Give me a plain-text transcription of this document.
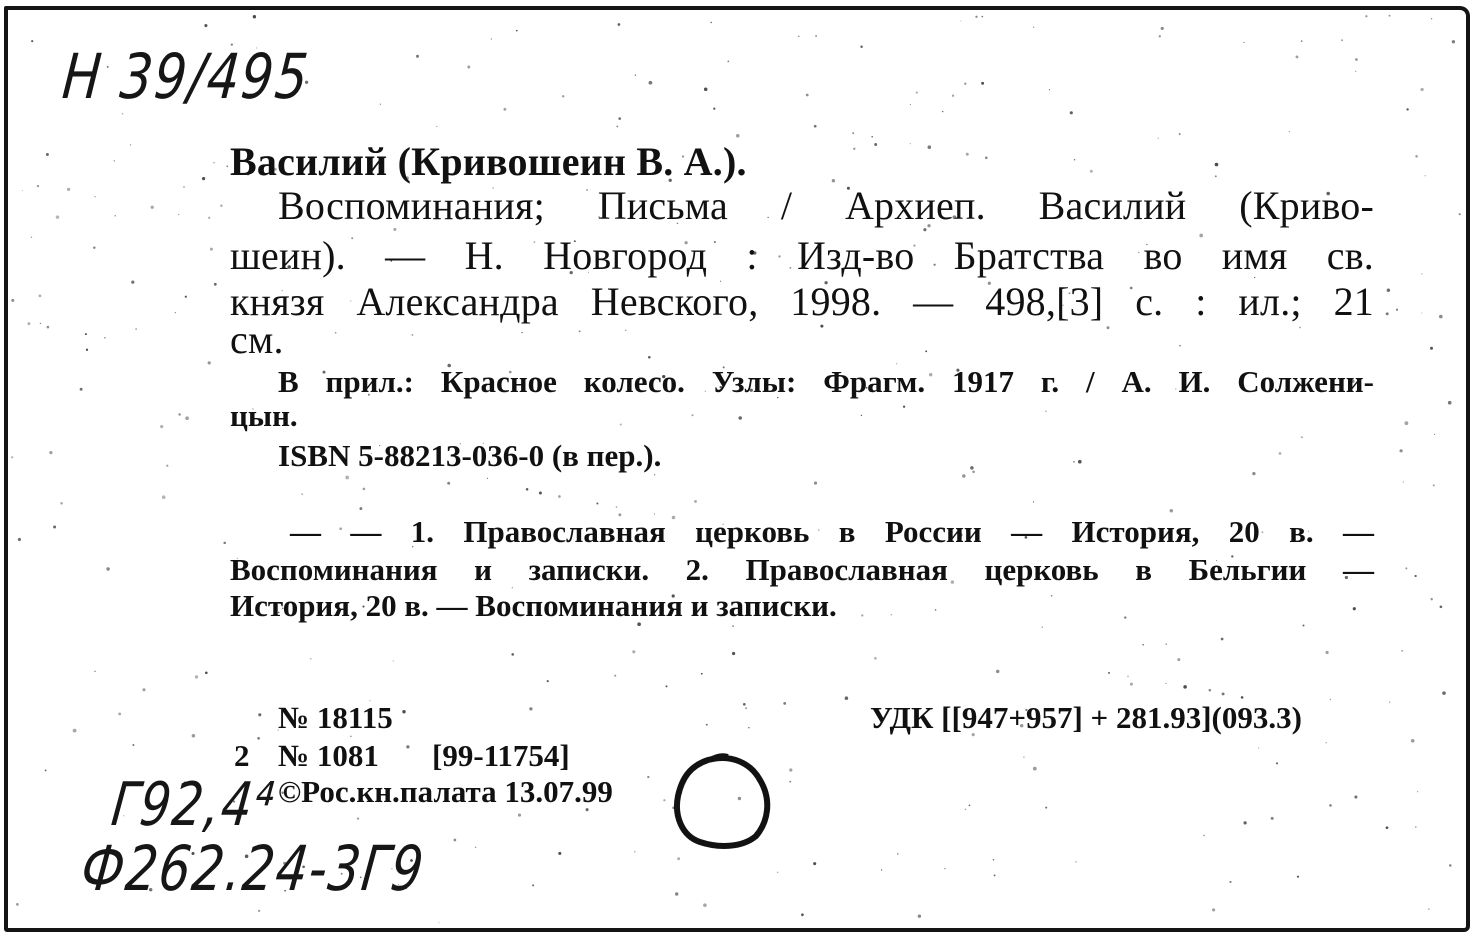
Н 39/495
Василий (Кривошеин В. А.).
Воспоминания; Письма / Архиеп. Василий (Криво-
шеин). — Н. Новгород : Изд-во Братства во имя св.
князя Александра Невского, 1998. — 498,[3] с. : ил.; 21
см.
В прил.: Красное колесо. Узлы: Фрагм. 1917 г. / А. И. Солжени-
цын.
ISBN 5-88213-036-0 (в пер.).
— — 1. Православная церковь в России — История, 20 в. —
Воспоминания и записки. 2. Православная церковь в Бельгии —
История, 20 в. — Воспоминания и записки.
№ 18115	УДК [[947+957] + 281.93](093.3)
2 № 1081 [99-11754]
©Рос.кн.палата 13.07.99
Г92,4⁴
Ф262.24-3Г9
